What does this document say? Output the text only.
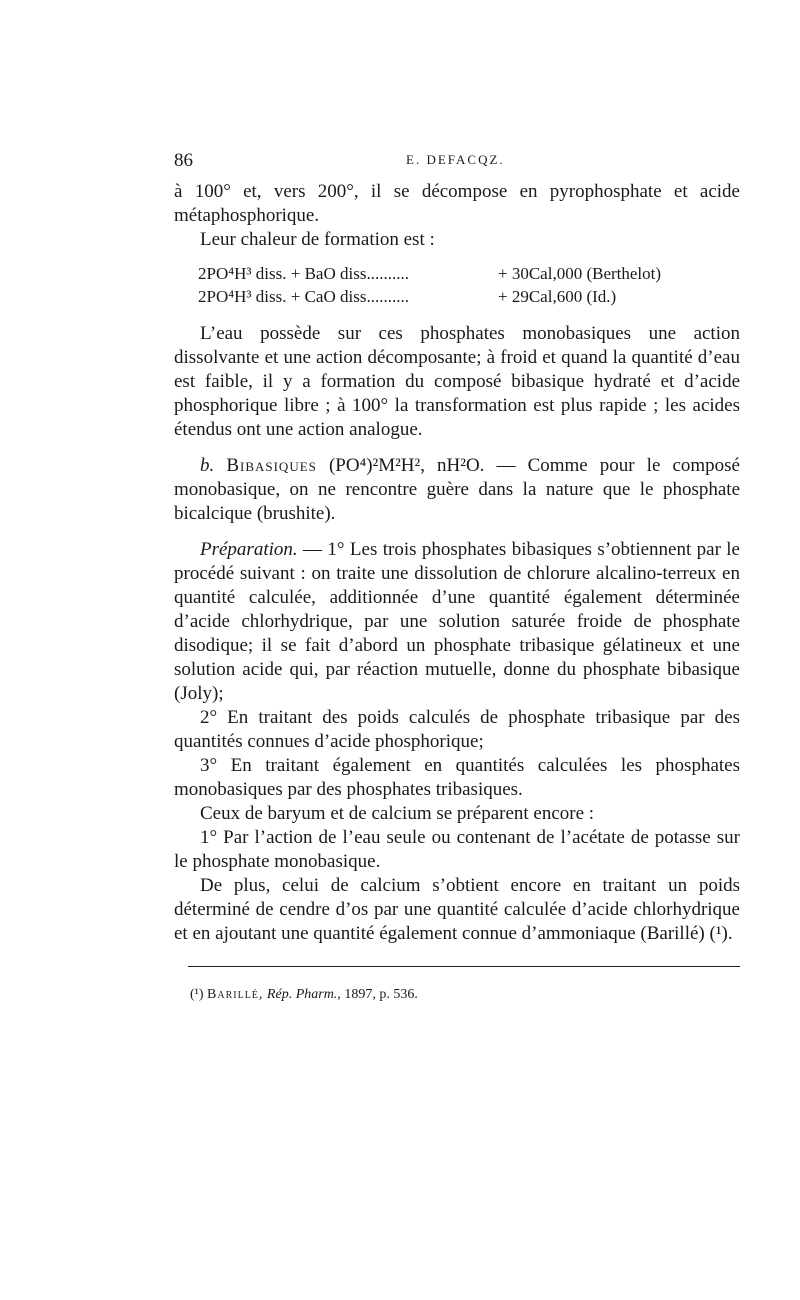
86	E. DEFACQZ.

à 100° et, vers 200°, il se décompose en pyrophosphate et acide métaphosphorique.

Leur chaleur de formation est :

2PO⁴H³ diss. + BaO diss..........	+ 30Cal,000 (Berthelot)
2PO⁴H³ diss. + CaO diss..........	+ 29Cal,600 (Id.)

L’eau possède sur ces phosphates monobasiques une action dissolvante et une action décomposante; à froid et quand la quantité d’eau est faible, il y a formation du composé bibasique hydraté et d’acide phosphorique libre ; à 100° la transformation est plus rapide ; les acides étendus ont une action analogue.

b. Bibasiques (PO⁴)²M²H², nH²O. — Comme pour le composé monobasique, on ne rencontre guère dans la nature que le phosphate bicalcique (brushite).

Préparation. — 1° Les trois phosphates bibasiques s’obtiennent par le procédé suivant : on traite une dissolution de chlorure alcalino-terreux en quantité calculée, additionnée d’une quantité également déterminée d’acide chlorhydrique, par une solution saturée froide de phosphate disodique; il se fait d’abord un phosphate tribasique gélatineux et une solution acide qui, par réaction mutuelle, donne du phosphate bibasique (Joly);

2° En traitant des poids calculés de phosphate tribasique par des quantités connues d’acide phosphorique;

3° En traitant également en quantités calculées les phosphates monobasiques par des phosphates tribasiques.

Ceux de baryum et de calcium se préparent encore :

1° Par l’action de l’eau seule ou contenant de l’acétate de potasse sur le phosphate monobasique.

De plus, celui de calcium s’obtient encore en traitant un poids déterminé de cendre d’os par une quantité calculée d’acide chlorhydrique et en ajoutant une quantité également connue d’ammoniaque (Barillé) (¹).

(¹) Barillé, Rép. Pharm., 1897, p. 536.
